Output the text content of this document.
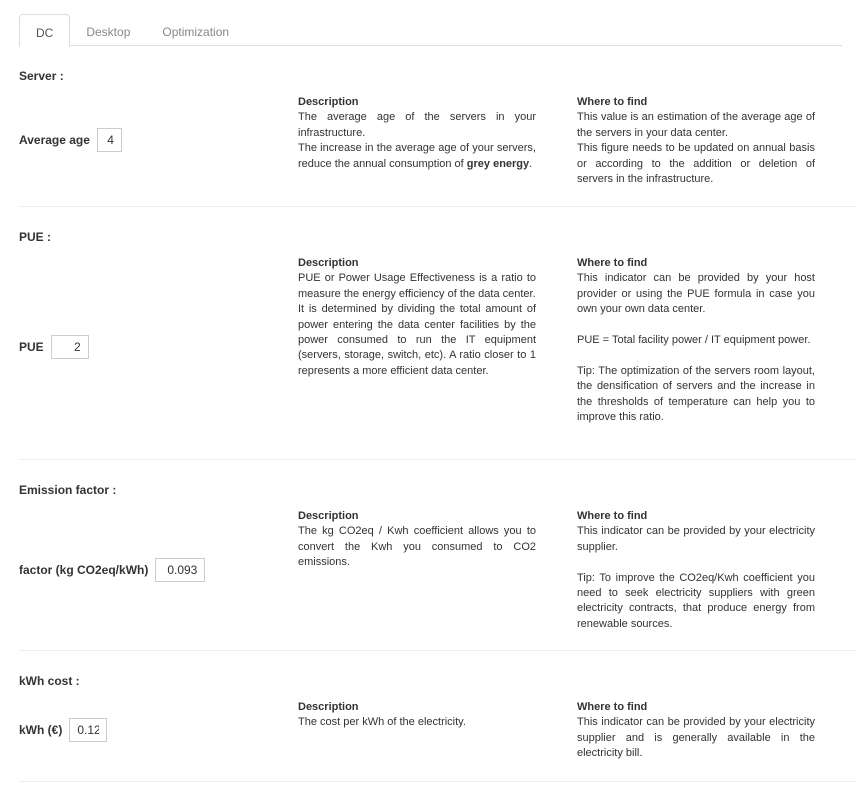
DC	Desktop	Optimization
Server :
Average age
4
Description

The average age of the servers in your infrastructure.

The increase in the average age of your servers, reduce the annual consumption of grey energy.

Where to find

This value is an estimation of the average age of the servers in your data center.

This figure needs to be updated on annual basis or according to the addition or deletion of servers in the infrastructure.

PUE :
PUE
2
Description

PUE or Power Usage Effectiveness is a ratio to measure the energy efficiency of the data center.

It is determined by dividing the total amount of power entering the data center facilities by the power consumed to run the IT equipment (servers, storage, switch, etc). A ratio closer to 1 represents a more efficient data center.

Where to find

This indicator can be provided by your host provider or using the PUE formula in case you own your own data center.

PUE = Total facility power / IT equipment power.

Tip: The optimization of the servers room layout, the densification of servers and the increase in the thresholds of temperature can help you to improve this ratio.

Emission factor :
factor (kg CO2eq/kWh)
0.093
Description

The kg CO2eq / Kwh coefficient allows you to convert the Kwh you consumed to CO2 emissions.

Where to find

This indicator can be provided by your electricity supplier.

Tip: To improve the CO2eq/Kwh coefficient you need to seek electricity suppliers with green electricity contracts, that produce energy from renewable sources.

kWh cost :
kWh (€)
0.12
Description

The cost per kWh of the electricity.

Where to find

This indicator can be provided by your electricity supplier and is generally available in the electricity bill.
